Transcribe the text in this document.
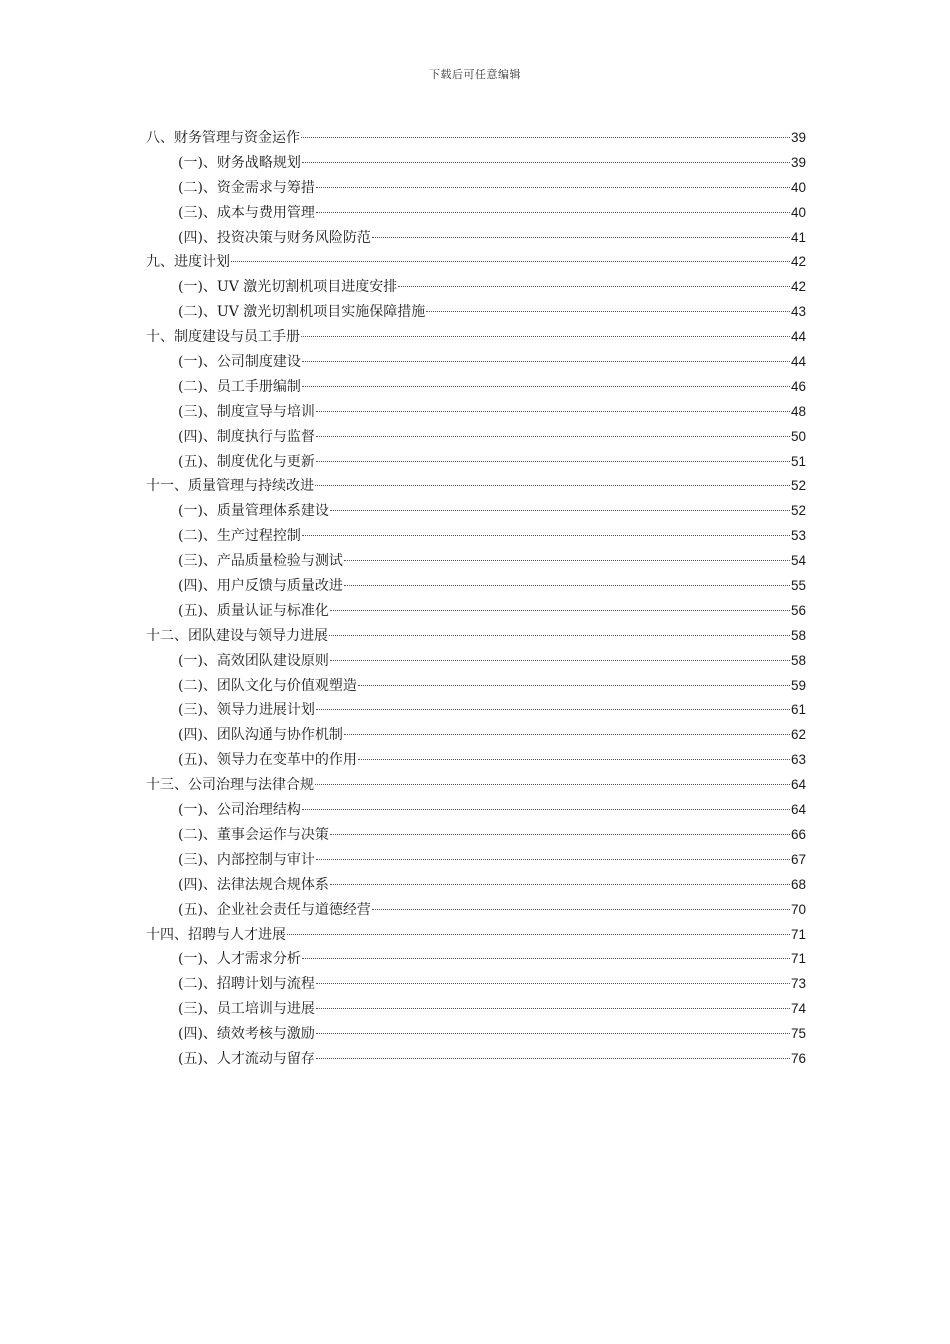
下载后可任意编辑
八、财务管理与资金运作	39
(一)、财务战略规划	39
(二)、资金需求与筹措	40
(三)、成本与费用管理	40
(四)、投资决策与财务风险防范	41
九、进度计划	42
(一)、UV 激光切割机项目进度安排	42
(二)、UV 激光切割机项目实施保障措施	43
十、制度建设与员工手册	44
(一)、公司制度建设	44
(二)、员工手册编制	46
(三)、制度宣导与培训	48
(四)、制度执行与监督	50
(五)、制度优化与更新	51
十一、质量管理与持续改进	52
(一)、质量管理体系建设	52
(二)、生产过程控制	53
(三)、产品质量检验与测试	54
(四)、用户反馈与质量改进	55
(五)、质量认证与标准化	56
十二、团队建设与领导力进展	58
(一)、高效团队建设原则	58
(二)、团队文化与价值观塑造	59
(三)、领导力进展计划	61
(四)、团队沟通与协作机制	62
(五)、领导力在变革中的作用	63
十三、公司治理与法律合规	64
(一)、公司治理结构	64
(二)、董事会运作与决策	66
(三)、内部控制与审计	67
(四)、法律法规合规体系	68
(五)、企业社会责任与道德经营	70
十四、招聘与人才进展	71
(一)、人才需求分析	71
(二)、招聘计划与流程	73
(三)、员工培训与进展	74
(四)、绩效考核与激励	75
(五)、人才流动与留存	76
